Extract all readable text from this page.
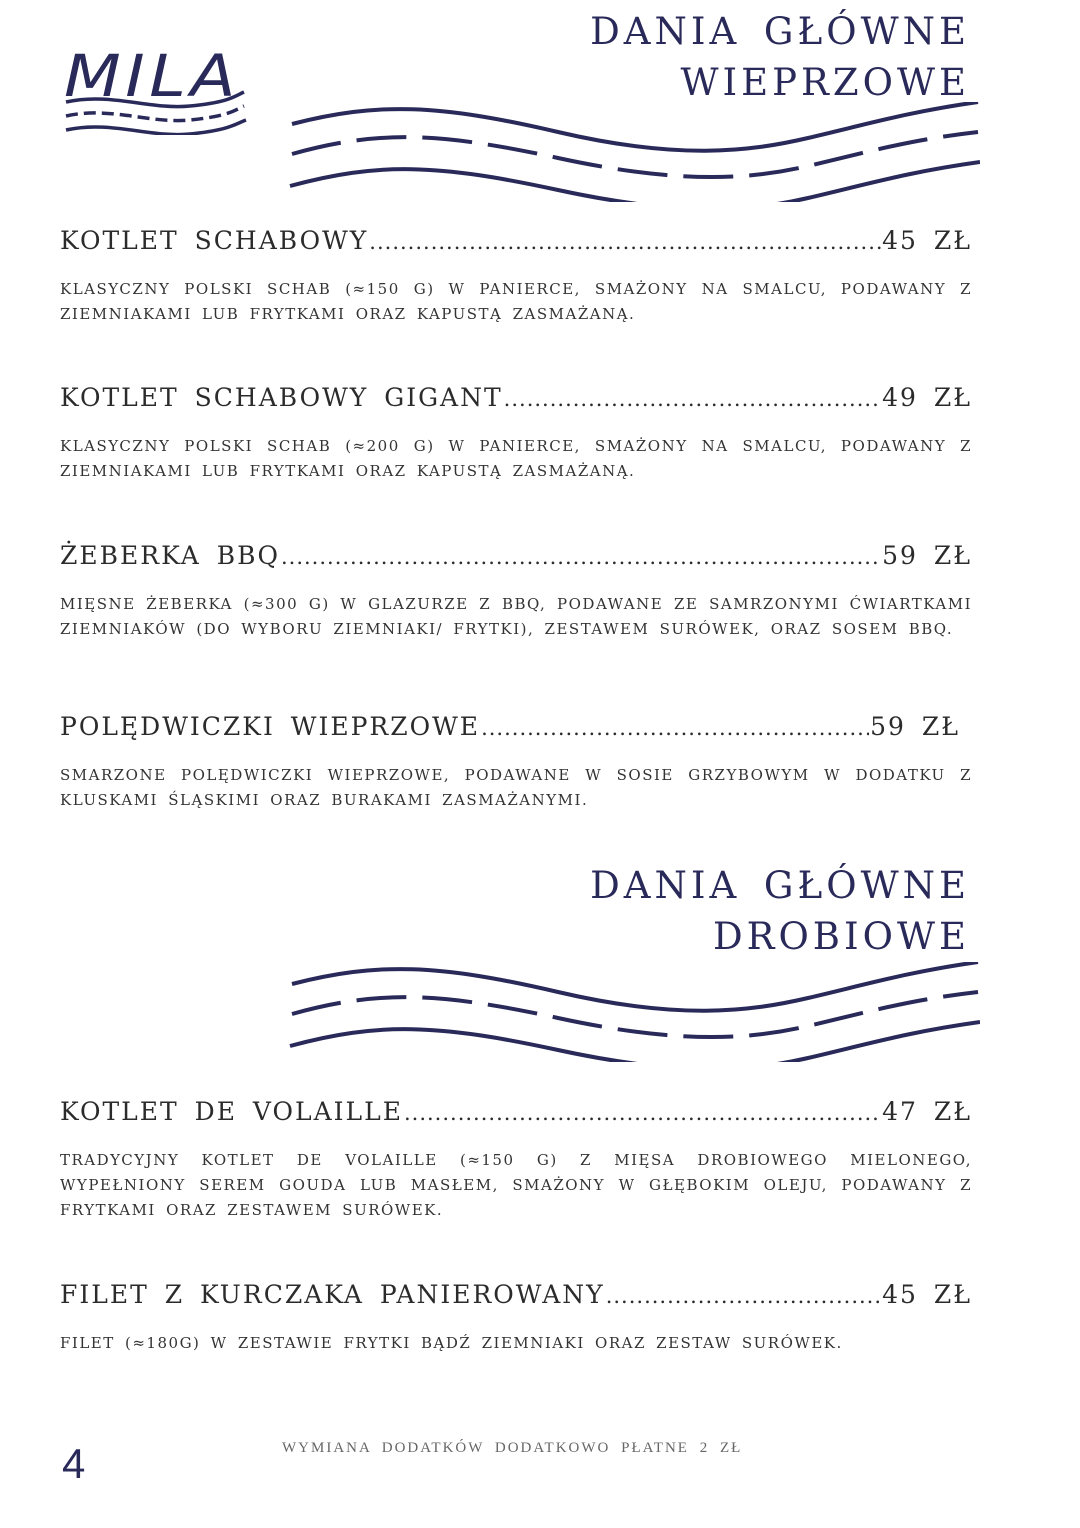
MILA
DANIA GŁÓWNE
WIEPRZOWE
KOTLET SCHABOWY .....	45 ZŁ
KLASYCZNY POLSKI SCHAB (≈150 G) W PANIERCE, SMAŻONY NA SMALCU, PODAWANY Z ZIEMNIAKAMI LUB FRYTKAMI ORAZ KAPUSTĄ ZASMAŻANĄ.
KOTLET SCHABOWY GIGANT .....	49 ZŁ
KLASYCZNY POLSKI SCHAB (≈200 G) W PANIERCE, SMAŻONY NA SMALCU, PODAWANY Z ZIEMNIAKAMI LUB FRYTKAMI ORAZ KAPUSTĄ ZASMAŻANĄ.
ŻEBERKA BBQ .....	59 ZŁ
MIĘSNE ŻEBERKA (≈300 G) W GLAZURZE Z BBQ, PODAWANE ZE SAMRZONYMI ĆWIARTKAMI ZIEMNIAKÓW (DO WYBORU ZIEMNIAKI/ FRYTKI), ZESTAWEM SURÓWEK, ORAZ SOSEM BBQ.
POLĘDWICZKI WIEPRZOWE .....	59 ZŁ
SMARZONE POLĘDWICZKI WIEPRZOWE, PODAWANE W SOSIE GRZYBOWYM W DODATKU Z KLUSKAMI ŚLĄSKIMI ORAZ BURAKAMI ZASMAŻANYMI.
DANIA GŁÓWNE
DROBIOWE
KOTLET DE VOLAILLE .....	47 ZŁ
TRADYCYJNY KOTLET DE VOLAILLE (≈150 G) Z MIĘSA DROBIOWEGO MIELONEGO, WYPEŁNIONY SEREM GOUDA LUB MASŁEM, SMAŻONY W GŁĘBOKIM OLEJU, PODAWANY Z FRYTKAMI ORAZ ZESTAWEM SURÓWEK.
FILET Z KURCZAKA PANIEROWANY .....	45 ZŁ
FILET (≈180G) W ZESTAWIE FRYTKI BĄDŹ ZIEMNIAKI ORAZ ZESTAW SURÓWEK.
4	WYMIANA DODATKÓW DODATKOWO PŁATNE 2 ZŁ
